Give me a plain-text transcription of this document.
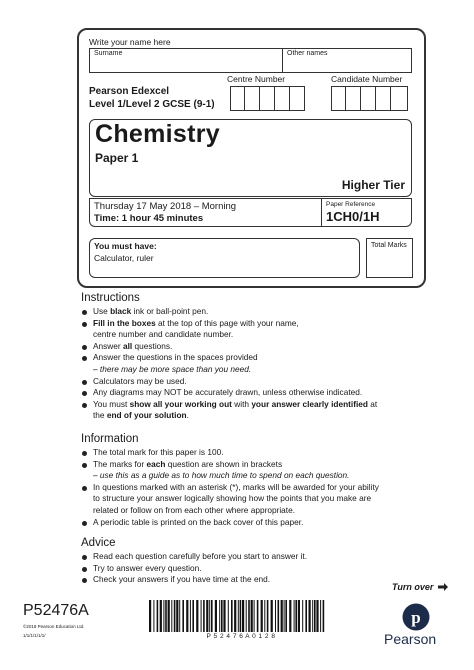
Write your name here
Surname	Other names
Pearson Edexcel
Level 1/Level 2 GCSE (9-1)
Centre Number	Candidate Number
Chemistry
Paper 1
Higher Tier
Thursday 17 May 2018 – Morning
Time: 1 hour 45 minutes
Paper Reference
1CH0/1H
You must have:
Calculator, ruler
Total Marks
Instructions
Use black ink or ball-point pen.
Fill in the boxes at the top of this page with your name,
centre number and candidate number.
Answer all questions.
Answer the questions in the spaces provided
– there may be more space than you need.
Calculators may be used.
Any diagrams may NOT be accurately drawn, unless otherwise indicated.
You must show all your working out with your answer clearly identified at
the end of your solution.
Information
The total mark for this paper is 100.
The marks for each question are shown in brackets
– use this as a guide as to how much time to spend on each question.
In questions marked with an asterisk (*), marks will be awarded for your ability
to structure your answer logically showing how the points that you make are
related or follow on from each other where appropriate.
A periodic table is printed on the back cover of this paper.
Advice
Read each question carefully before you start to answer it.
Try to answer every question.
Check your answers if you have time at the end.
Turn over
P52476A
©2018 Pearson Education Ltd.
1/1/1/1/1/1/	P 5 2 4 7 6 A 0 1 2 8
p
Pearson
